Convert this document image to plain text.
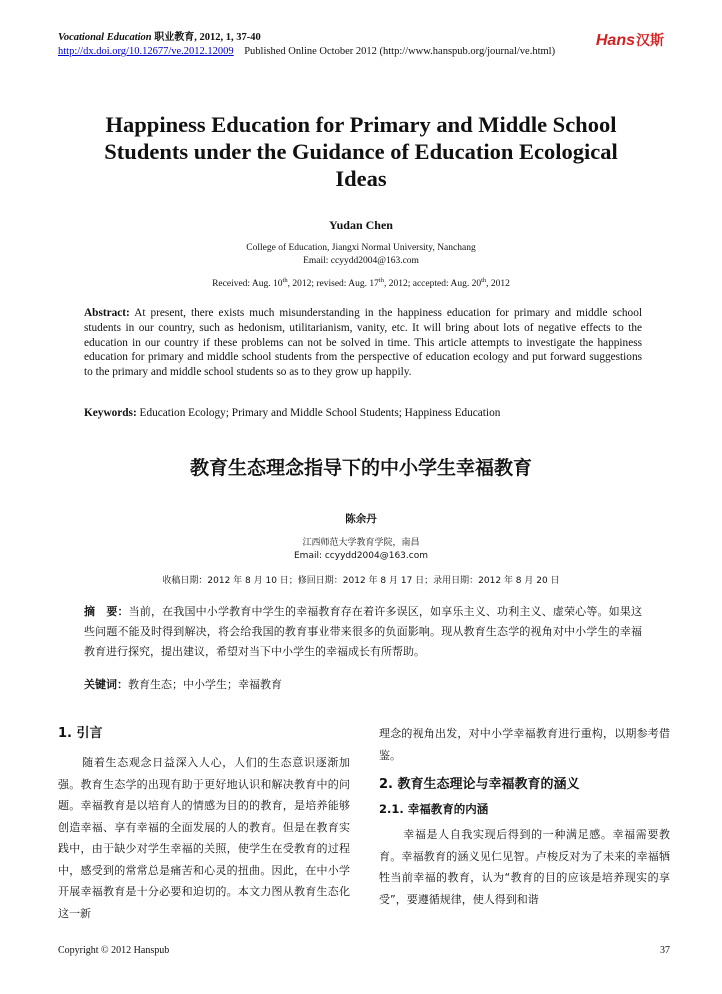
Vocational Education 职业教育, 2012, 1, 37-40
http://dx.doi.org/10.12677/ve.2012.12009 Published Online October 2012 (http://www.hanspub.org/journal/ve.html)
Hans汉斯
Happiness Education for Primary and Middle School Students under the Guidance of Education Ecological Ideas
Yudan Chen
College of Education, Jiangxi Normal University, Nanchang
Email: ccyydd2004@163.com
Received: Aug. 10th, 2012; revised: Aug. 17th, 2012; accepted: Aug. 20th, 2012
Abstract: At present, there exists much misunderstanding in the happiness education for primary and middle school students in our country, such as hedonism, utilitarianism, vanity, etc. It will bring about lots of negative effects to the education in our country if these problems can not be solved in time. This article attempts to investigate the happiness education for primary and middle school students from the perspective of education ecology and put forward suggestions to the primary and middle school students so as to they grow up happily.
Keywords: Education Ecology; Primary and Middle School Students; Happiness Education
教育生态理念指导下的中小学生幸福教育
陈余丹
江西师范大学教育学院，南昌
Email: ccyydd2004@163.com
收稿日期：2012 年 8 月 10 日；修回日期：2012 年 8 月 17 日；录用日期：2012 年 8 月 20 日
摘　要：当前，在我国中小学教育中学生的幸福教育存在着许多误区，如享乐主义、功利主义、虚荣心等。如果这些问题不能及时得到解决，将会给我国的教育事业带来很多的负面影响。现从教育生态学的视角对中小学生的幸福教育进行探究，提出建议，希望对当下中小学生的幸福成长有所帮助。
关键词：教育生态；中小学生；幸福教育
1. 引言

随着生态观念日益深入人心，人们的生态意识逐渐加强。教育生态学的出现有助于更好地认识和解决教育中的问题。幸福教育是以培育人的情感为目的的教育，是培养能够创造幸福、享有幸福的全面发展的人的教育。但是在教育实践中，由于缺少对学生幸福的关照，使学生在受教育的过程中，感受到的常常总是痛苦和心灵的扭曲。因此，在中小学开展幸福教育是十分必要和迫切的。本文力图从教育生态化这一新

理念的视角出发，对中小学幸福教育进行重构，以期参考借鉴。

2. 教育生态理论与幸福教育的涵义
2.1. 幸福教育的内涵

幸福是人自我实现后得到的一种满足感。幸福需要教育。幸福教育的涵义见仁见智。卢梭反对为了未来的幸福牺牲当前幸福的教育，认为“教育的目的应该是培养现实的享受”，要遵循规律，使人得到和谐

Copyright © 2012 Hanspub	37
